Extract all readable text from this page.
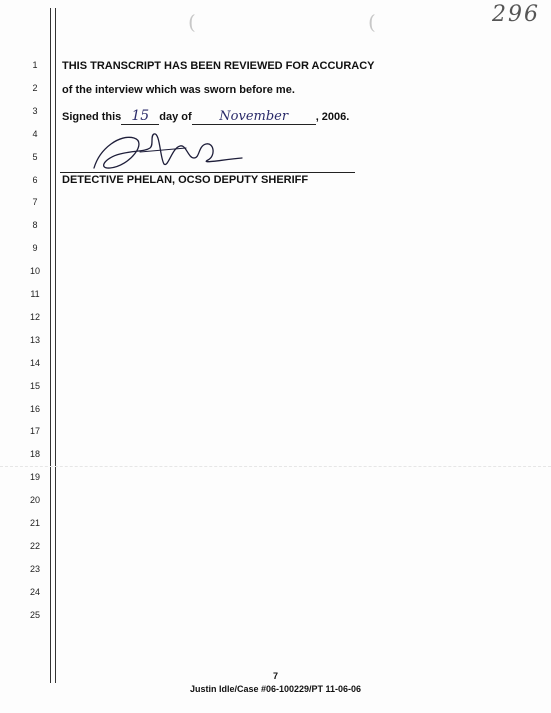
(	(	296
1
2
3
4
5
6
7
8
9
10
11
12
13
14
15
16
17
18
19
20
21
22
23
24
25
THIS TRANSCRIPT HAS BEEN REVIEWED FOR ACCURACY
of the interview which was sworn before me.
Signed this 15 day of November	, 2006.
DETECTIVE PHELAN, OCSO DEPUTY SHERIFF
7
Justin Idle/Case #06-100229/PT 11-06-06
